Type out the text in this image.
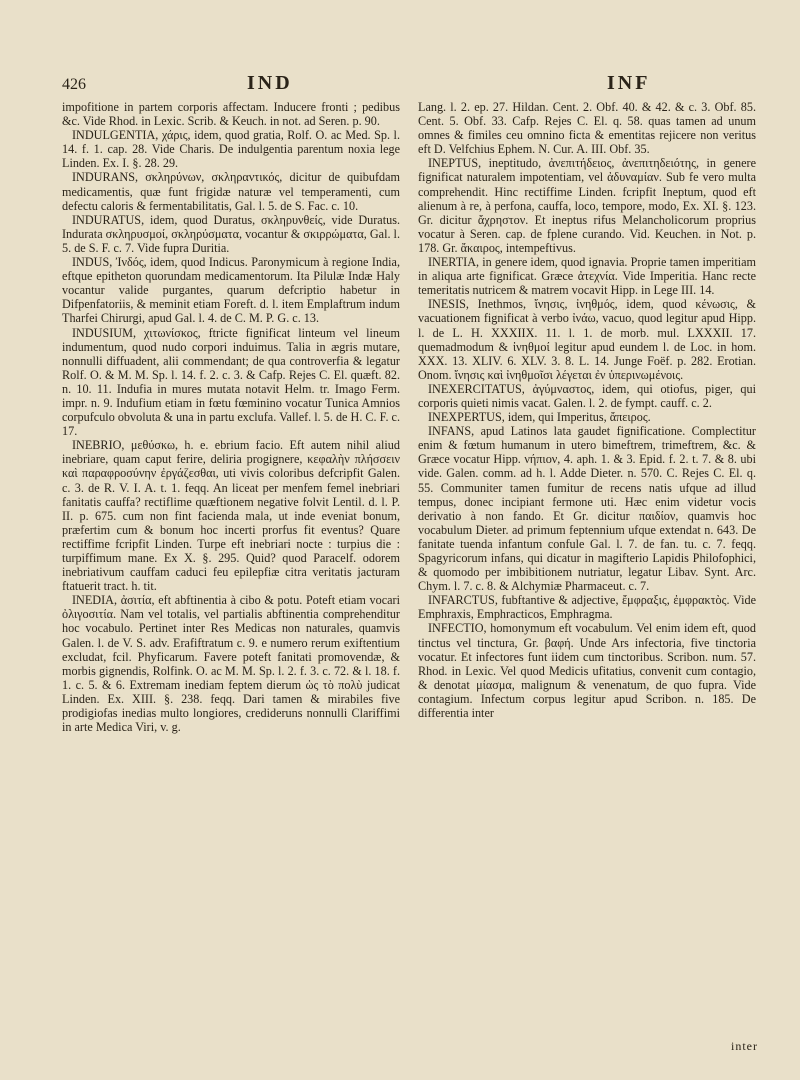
426	IND	INF

impofitione in partem corporis affectam. Inducere fronti ; pedibus &c. Vide Rhod. in Lexic. Scrib. & Keuch. in not. ad Seren. p. 90.

INDULGENTIA, χάρις, idem, quod gratia, Rolf. O. ac Med. Sp. l. 14. f. 1. cap. 28. Vide Charis. De indulgentia parentum noxia lege Linden. Ex. I. §. 28. 29.

INDURANS, σκληρύνων, σκληραντικός, dicitur de quibufdam medicamentis, quæ funt frigidæ naturæ vel temperamenti, cum defectu caloris & fermentabilitatis, Gal. l. 5. de S. Fac. c. 10.

INDURATUS, idem, quod Duratus, σκληρυνθείς, vide Duratus. Indurata σκληρυσμοί, σκληρύσματα, vocantur & σκιρρώματα, Gal. l. 5. de S. F. c. 7. Vide fupra Duritia.

INDUS, Ἰνδός, idem, quod Indicus. Paronymicum à regione India, eftque epitheton quorundam medicamentorum. Ita Pilulæ Indæ Haly vocantur valide purgantes, quarum defcriptio habetur in Difpenfatoriis, & meminit etiam Foreft. d. l. item Emplaftrum indum Tharfei Chirurgi, apud Gal. l. 4. de C. M. P. G. c. 13.

INDUSIUM, χιτωνίσκος, ftricte fignificat linteum vel lineum indumentum, quod nudo corpori induimus. Talia in ægris mutare, nonnulli diffuadent, alii commendant; de qua controverfia & legatur Rolf. O. & M. M. Sp. l. 14. f. 2. c. 3. & Cafp. Rejes C. El. quæft. 82. n. 10. 11. Indufia in mures mutata notavit Helm. tr. Imago Ferm. impr. n. 9. Indufium etiam in fœtu fœminino vocatur Tunica Amnios corpufculo obvoluta & una in partu exclufa. Vallef. l. 5. de H. C. F. c. 17.

INEBRIO, μεθύσκω, h. e. ebrium facio. Eft autem nihil aliud inebriare, quam caput ferire, deliria progignere, κεφαλὴν πλήσσειν καὶ παραφροσύνην ἐργάζεσθαι, uti vivis coloribus defcripfit Galen. c. 3. de R. V. I. A. t. 1. feqq. An liceat per menfem femel inebriari fanitatis cauffa? rectiflime quæftionem negative folvit Lentil. d. l. P. II. p. 675. cum non fint facienda mala, ut inde eveniat bonum, præfertim cum & bonum hoc incerti prorfus fit eventus? Quare rectiffime fcripfit Linden. Turpe eft inebriari nocte : turpius die : turpiffimum mane. Ex X. §. 295. Quid? quod Paracelf. odorem inebriativum cauffam caduci feu epilepfiæ citra veritatis jacturam ftatuerit tract. h. tit.

INEDIA, ἀσιτία, eft abftinentia à cibo & potu. Poteft etiam vocari ὀλιγοσιτία. Nam vel totalis, vel partialis abftinentia comprehenditur hoc vocabulo. Pertinet inter Res Medicas non naturales, quamvis Galen. l. de V. S. adv. Erafiftratum c. 9. e numero rerum exiftentium excludat, fcil. Phyficarum. Favere poteft fanitati promovendæ, & morbis gignendis, Rolfink. O. ac M. M. Sp. l. 2. f. 3. c. 72. & l. 18. f. 1. c. 5. & 6. Extremam inediam feptem dierum ὡς τὸ πολὺ judicat Linden. Ex. XIII. §. 238. feqq. Dari tamen & mirabiles five prodigiofas inedias multo longiores, credideruns nonnulli Clariffimi in arte Medica Viri, v. g.

Lang. l. 2. ep. 27. Hildan. Cent. 2. Obf. 40. & 42. & c. 3. Obf. 85. Cent. 5. Obf. 33. Cafp. Rejes C. El. q. 58. quas tamen ad unum omnes & fimiles ceu omnino ficta & ementitas rejicere non veritus eft D. Velfchius Ephem. N. Cur. A. III. Obf. 35.

INEPTUS, ineptitudo, ἀνεπιτήδειος, ἀνεπιτηδειότης, in genere fignificat naturalem impotentiam, vel ἀδυναμίαν. Sub fe vero multa comprehendit. Hinc rectiffime Linden. fcripfit Ineptum, quod eft alienum à re, à perfona, cauffa, loco, tempore, modo, Ex. XI. §. 123. Gr. dicitur ἄχρηστον. Et ineptus rifus Melancholicorum proprius vocatur à Seren. cap. de fplene curando. Vid. Keuchen. in Not. p. 178. Gr. ἄκαιρος, intempeftivus.

INERTIA, in genere idem, quod ignavia. Proprie tamen imperitiam in aliqua arte fignificat. Græce ἀτεχνία. Vide Imperitia. Hanc recte temeritatis nutricem & matrem vocavit Hipp. in Lege III. 14.

INESIS, Inethmos, ἴνησις, ἰνηθμός, idem, quod κένωσις, & vacuationem fignificat à verbo ἰνάω, vacuo, quod legitur apud Hipp. l. de L. H. XXXIIX. 11. l. 1. de morb. mul. LXXXII. 17. quemadmodum & ἰνηθμοί legitur apud eundem l. de Loc. in hom. XXX. 13. XLIV. 6. XLV. 3. 8. L. 14. Junge Foëf. p. 282. Erotian. Onom. ἴνησις καὶ ἰνηθμοῖσι λέγεται ἐν ὑπερινωμένοις.

INEXERCITATUS, ἀγύμναστος, idem, qui otiofus, piger, qui corporis quieti nimis vacat. Galen. l. 2. de fympt. cauff. c. 2.

INEXPERTUS, idem, qui Imperitus, ἄπειρος.

INFANS, apud Latinos lata gaudet fignificatione. Complectitur enim & fœtum humanum in utero bimeftrem, trimeftrem, &c. & Græce vocatur Hipp. νήπιον, 4. aph. 1. & 3. Epid. f. 2. t. 7. & 8. ubi vide. Galen. comm. ad h. l. Adde Dieter. n. 570. C. Rejes C. El. q. 55. Communiter tamen fumitur de recens natis ufque ad illud tempus, donec incipiant fermone uti. Hæc enim videtur vocis derivatio à non fando. Et Gr. dicitur παιδίον, quamvis hoc vocabulum Dieter. ad primum feptennium ufque extendat n. 643. De fanitate tuenda infantum confule Gal. l. 7. de fan. tu. c. 7. feqq. Spagyricorum infans, qui dicatur in magifterio Lapidis Philofophici, & quomodo per imbibitionem nutriatur, legatur Libav. Synt. Arc. Chym. l. 7. c. 8. & Alchymiæ Pharmaceut. c. 7.

INFARCTUS, fubftantive & adjective, ἔμφραξις, ἐμφρακτὸς. Vide Emphraxis, Emphracticos, Emphragma.

INFECTIO, homonymum eft vocabulum. Vel enim idem eft, quod tinctus vel tinctura, Gr. βαφή. Unde Ars infectoria, five tinctoria vocatur. Et infectores funt iidem cum tinctoribus. Scribon. num. 57. Rhod. in Lexic. Vel quod Medicis ufitatius, convenit cum contagio, & denotat μίασμα, malignum & venenatum, de quo fupra. Vide contagium. Infectum corpus legitur apud Scribon. n. 185. De differentia inter

inter
